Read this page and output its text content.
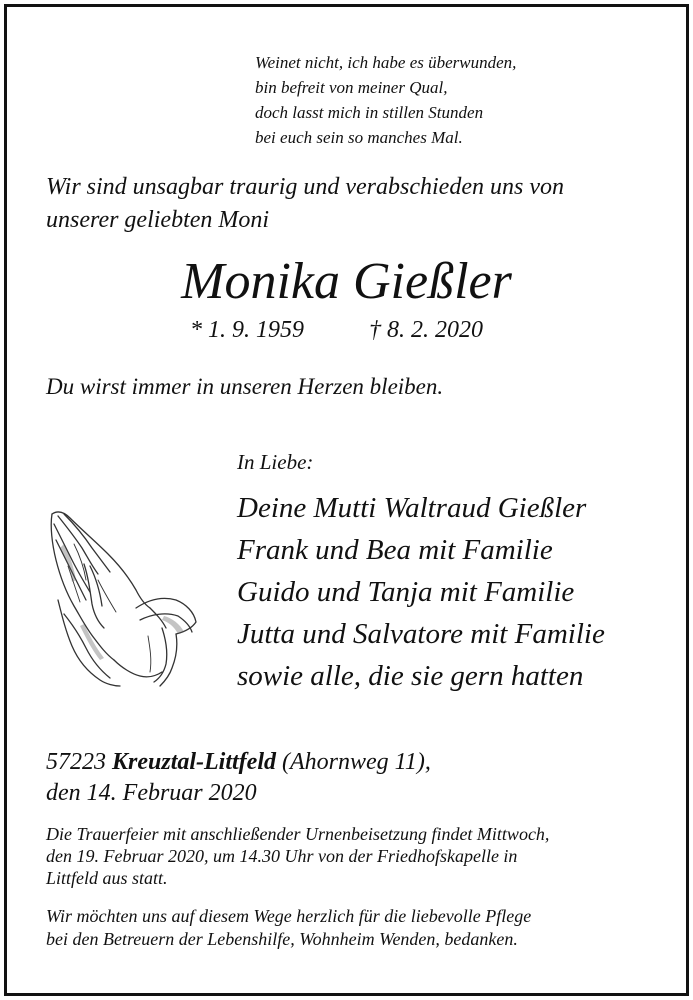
Weinet nicht, ich habe es überwunden,
bin befreit von meiner Qual,
doch lasst mich in stillen Stunden
bei euch sein so manches Mal.
Wir sind unsagbar traurig und verabschieden uns von
unserer geliebten Moni
Monika Gießler
* 1. 9. 1959	† 8. 2. 2020
Du wirst immer in unseren Herzen bleiben.
In Liebe:
Deine Mutti Waltraud Gießler
Frank und Bea mit Familie
Guido und Tanja mit Familie
Jutta und Salvatore mit Familie
sowie alle, die sie gern hatten
57223 Kreuztal-Littfeld (Ahornweg 11),
den 14. Februar 2020
Die Trauerfeier mit anschließender Urnenbeisetzung findet Mittwoch,
den 19. Februar 2020, um 14.30 Uhr von der Friedhofskapelle in
Littfeld aus statt.
Wir möchten uns auf diesem Wege herzlich für die liebevolle Pflege
bei den Betreuern der Lebenshilfe, Wohnheim Wenden, bedanken.
